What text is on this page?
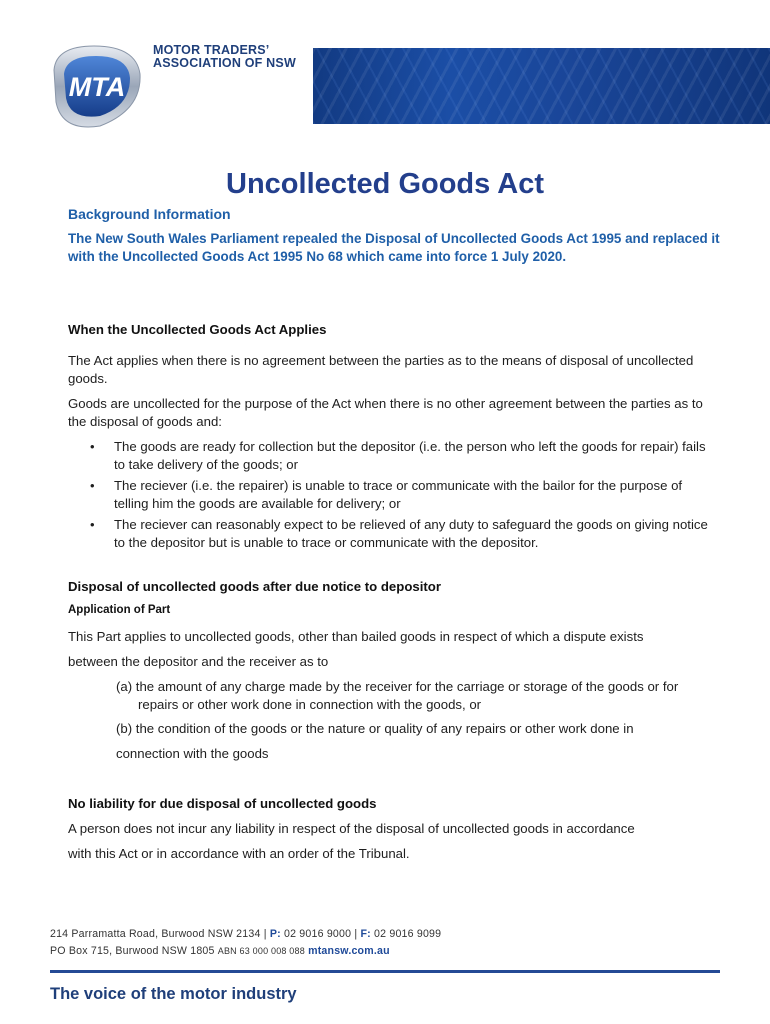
MTA
MOTOR TRADERS’
ASSOCIATION OF NSW
Uncollected Goods Act
Background Information

The New South Wales Parliament repealed the Disposal of Uncollected Goods Act 1995 and replaced it with the Uncollected Goods Act 1995 No 68 which came into force 1 July 2020.

When the Uncollected Goods Act Applies

The Act applies when there is no agreement between the parties as to the means of disposal of uncollected goods.

Goods are uncollected for the purpose of the Act when there is no other agreement between the parties as to the disposal of goods and:

• The goods are ready for collection but the depositor (i.e. the person who left the goods for repair) fails to take delivery of the goods; or
• The reciever (i.e. the repairer) is unable to trace or communicate with the bailor for the purpose of telling him the goods are available for delivery; or
• The reciever can reasonably expect to be relieved of any duty to safeguard the goods on giving notice to the depositor but is unable to trace or communicate with the depositor.
Disposal of uncollected goods after due notice to depositor
Application of Part

This Part applies to uncollected goods, other than bailed goods in respect of which a dispute exists

between the depositor and the receiver as to

(a) the amount of any charge made by the receiver for the carriage or storage of the goods or for repairs or other work done in connection with the goods, or
(b) the condition of the goods or the nature or quality of any repairs or other work done in
connection with the goods
No liability for due disposal of uncollected goods

A person does not incur any liability in respect of the disposal of uncollected goods in accordance

with this Act or in accordance with an order of the Tribunal.

214 Parramatta Road, Burwood NSW 2134 | P: 02 9016 9000 | F: 02 9016 9099
PO Box 715, Burwood NSW 1805 ABN 63 000 008 088 mtansw.com.au
The voice of the motor industry
